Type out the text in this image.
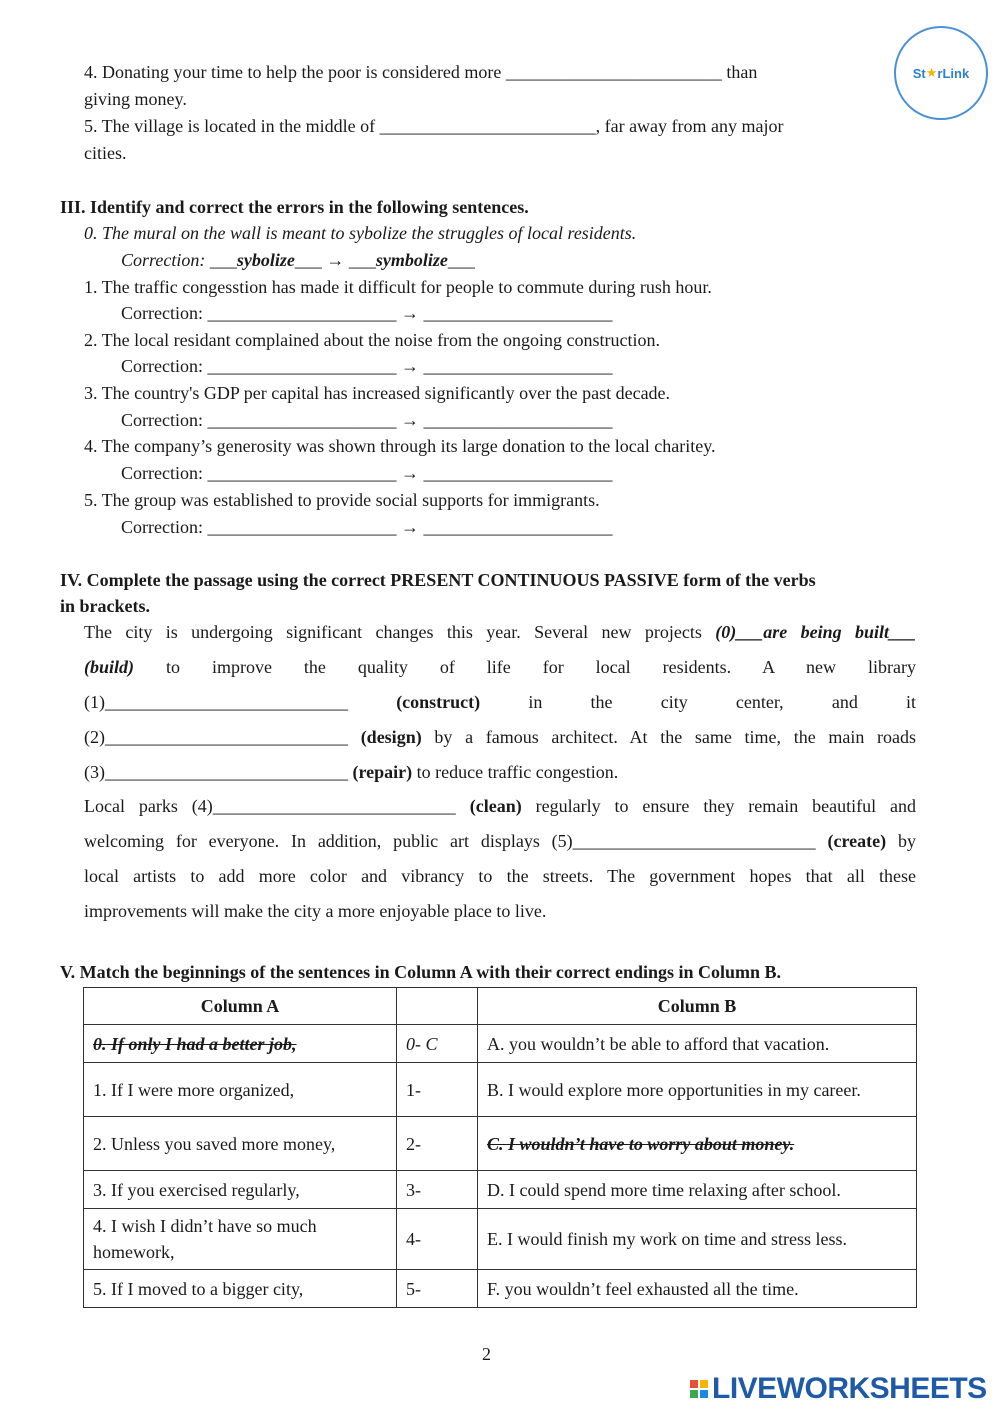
St ★ rLink
4. Donating your time to help the poor is considered more ________________________ than
giving money.
5. The village is located in the middle of ________________________, far away from any major
cities.
III. Identify and correct the errors in the following sentences.
0. The mural on the wall is meant to sybolize the struggles of local residents.
Correction: ___sybolize___ → ___symbolize___
1. The traffic congesstion has made it difficult for people to commute during rush hour.
Correction: _____________________ → _____________________
2. The local residant complained about the noise from the ongoing construction.
Correction: _____________________ → _____________________
3. The country's GDP per capital has increased significantly over the past decade.
Correction: _____________________ → _____________________
4. The company’s generosity was shown through its large donation to the local charitey.
Correction: _____________________ → _____________________
5. The group was established to provide social supports for immigrants.
Correction: _____________________ → _____________________
IV. Complete the passage using the correct PRESENT CONTINUOUS PASSIVE form of the verbs
in brackets.

The city is undergoing significant changes this year. Several new projects (0)___are being built___

(build) to improve the quality of life for local residents. A new library

(1)___________________________	(construct)	in the city center, and it

(2)___________________________ (design) by a famous architect. At the same time, the main roads

(3)___________________________ (repair) to reduce traffic congestion.

Local parks (4)___________________________ (clean) regularly to ensure they remain beautiful and

welcoming for everyone. In addition, public art displays (5)___________________________ (create) by

local artists to add more color and vibrancy to the streets. The government hopes that all these

improvements will make the city a more enjoyable place to live.

V. Match the beginnings of the sentences in Column A with their correct endings in Column B.
Column A		Column B
0. If only I had a better job,	0- C	A. you wouldn’t be able to afford that vacation.
1. If I were more organized,	1-	B. I would explore more opportunities in my career.
2. Unless you saved more money,	2-	C. I wouldn’t have to worry about money.
3. If you exercised regularly,	3-	D. I could spend more time relaxing after school.
4. I wish I didn’t have so much homework,	4-	E. I would finish my work on time and stress less.
5. If I moved to a bigger city,	5-	F. you wouldn’t feel exhausted all the time.
2
LIVEWORKSHEETS
